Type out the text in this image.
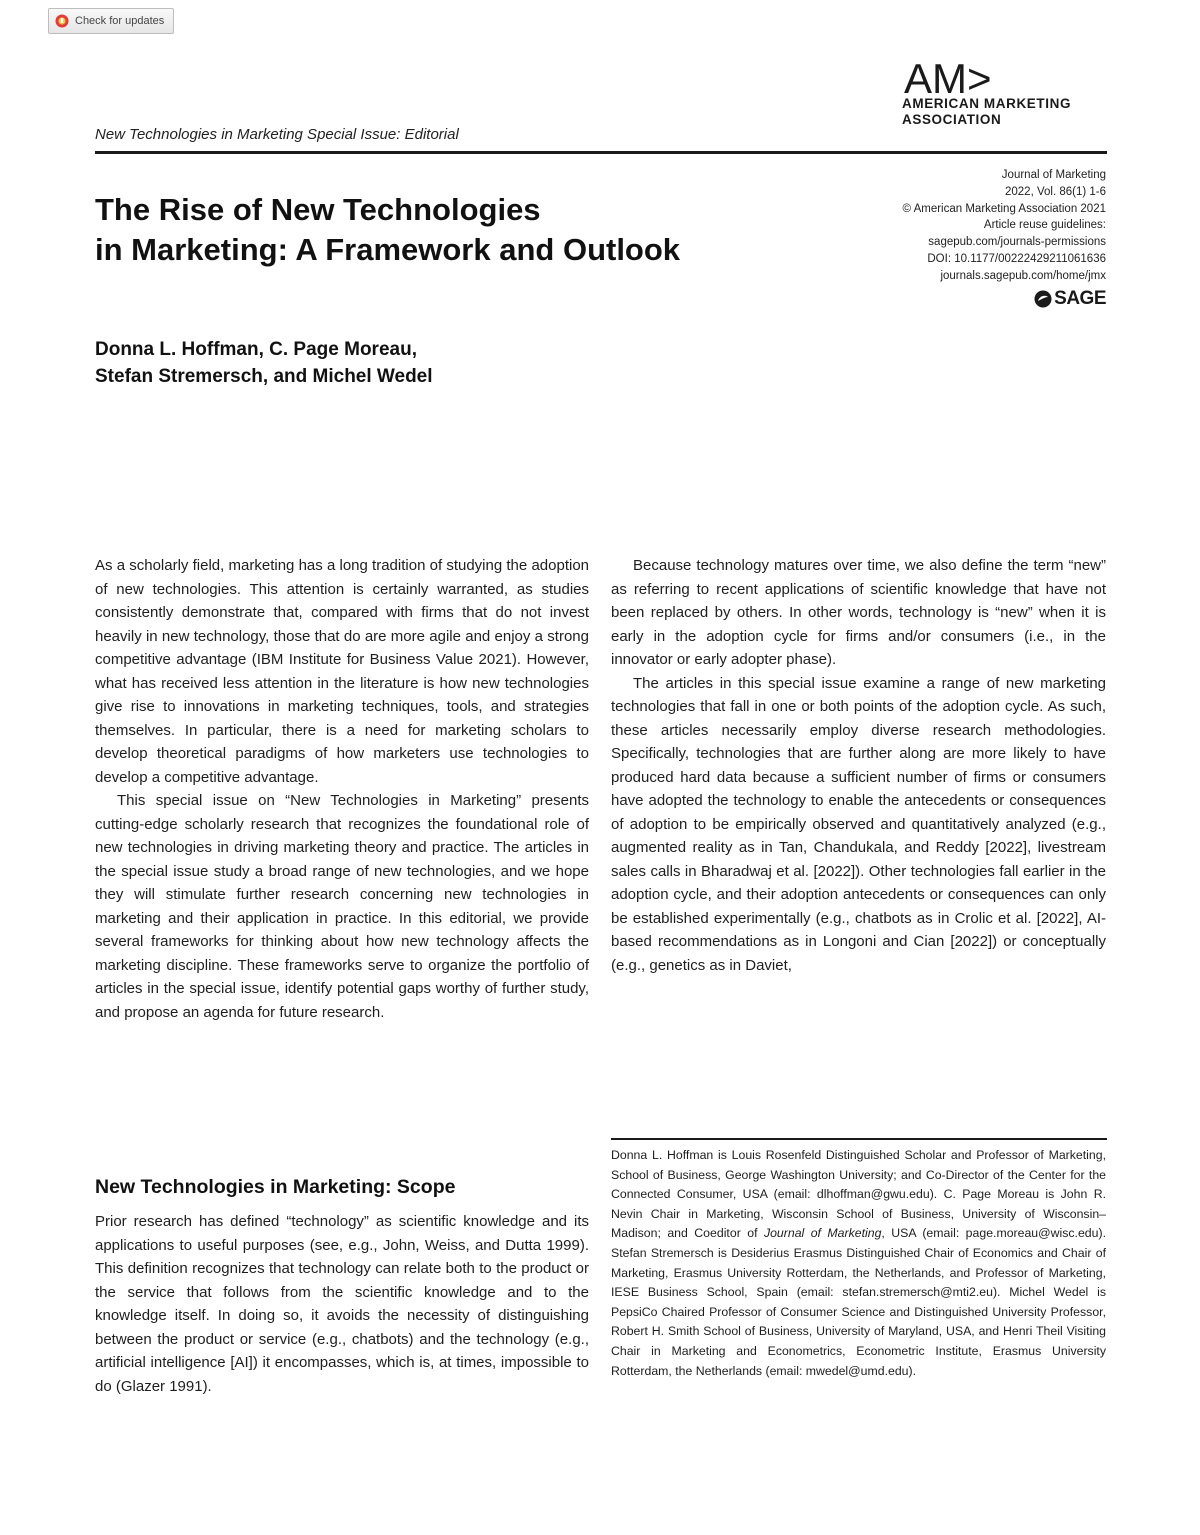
Check for updates
AM>
AMERICAN MARKETING
ASSOCIATION
New Technologies in Marketing Special Issue: Editorial
Journal of Marketing
2022, Vol. 86(1) 1-6
© American Marketing Association 2021
Article reuse guidelines:
sagepub.com/journals-permissions
DOI: 10.1177/00222429211061636
journals.sagepub.com/home/jmx
SAGE
The Rise of New Technologies
in Marketing: A Framework and Outlook
Donna L. Hoffman, C. Page Moreau,
Stefan Stremersch, and Michel Wedel

As a scholarly field, marketing has a long tradition of studying the adoption of new technologies. This attention is certainly warranted, as studies consistently demonstrate that, compared with firms that do not invest heavily in new technology, those that do are more agile and enjoy a strong competitive advantage (IBM Institute for Business Value 2021). However, what has received less attention in the literature is how new technologies give rise to innovations in marketing techniques, tools, and strategies themselves. In particular, there is a need for marketing scholars to develop theoretical paradigms of how marketers use technologies to develop a competitive advantage.

This special issue on “New Technologies in Marketing” presents cutting-edge scholarly research that recognizes the foundational role of new technologies in driving marketing theory and practice. The articles in the special issue study a broad range of new technologies, and we hope they will stimulate further research concerning new technologies in marketing and their application in practice. In this editorial, we provide several frameworks for thinking about how new technology affects the marketing discipline. These frameworks serve to organize the portfolio of articles in the special issue, identify potential gaps worthy of further study, and propose an agenda for future research.

Because technology matures over time, we also define the term “new” as referring to recent applications of scientific knowledge that have not been replaced by others. In other words, technology is “new” when it is early in the adoption cycle for firms and/or consumers (i.e., in the innovator or early adopter phase).

The articles in this special issue examine a range of new marketing technologies that fall in one or both points of the adoption cycle. As such, these articles necessarily employ diverse research methodologies. Specifically, technologies that are further along are more likely to have produced hard data because a sufficient number of firms or consumers have adopted the technology to enable the antecedents or consequences of adoption to be empirically observed and quantitatively analyzed (e.g., augmented reality as in Tan, Chandukala, and Reddy [2022], livestream sales calls in Bharadwaj et al. [2022]). Other technologies fall earlier in the adoption cycle, and their adoption antecedents or consequences can only be established experimentally (e.g., chatbots as in Crolic et al. [2022], AI-based recommendations as in Longoni and Cian [2022]) or conceptually (e.g., genetics as in Daviet,

New Technologies in Marketing: Scope

Prior research has defined “technology” as scientific knowledge and its applications to useful purposes (see, e.g., John, Weiss, and Dutta 1999). This definition recognizes that technology can relate both to the product or the service that follows from the scientific knowledge and to the knowledge itself. In doing so, it avoids the necessity of distinguishing between the product or service (e.g., chatbots) and the technology (e.g., artificial intelligence [AI]) it encompasses, which is, at times, impossible to do (Glazer 1991).

Donna L. Hoffman is Louis Rosenfeld Distinguished Scholar and Professor of Marketing, School of Business, George Washington University; and Co-Director of the Center for the Connected Consumer, USA (email: dlhoffman@gwu.edu). C. Page Moreau is John R. Nevin Chair in Marketing, Wisconsin School of Business, University of Wisconsin–Madison; and Coeditor of Journal of Marketing, USA (email: page.moreau@wisc.edu). Stefan Stremersch is Desiderius Erasmus Distinguished Chair of Economics and Chair of Marketing, Erasmus University Rotterdam, the Netherlands, and Professor of Marketing, IESE Business School, Spain (email: stefan.stremersch@mti2.eu). Michel Wedel is PepsiCo Chaired Professor of Consumer Science and Distinguished University Professor, Robert H. Smith School of Business, University of Maryland, USA, and Henri Theil Visiting Chair in Marketing and Econometrics, Econometric Institute, Erasmus University Rotterdam, the Netherlands (email: mwedel@umd.edu).
